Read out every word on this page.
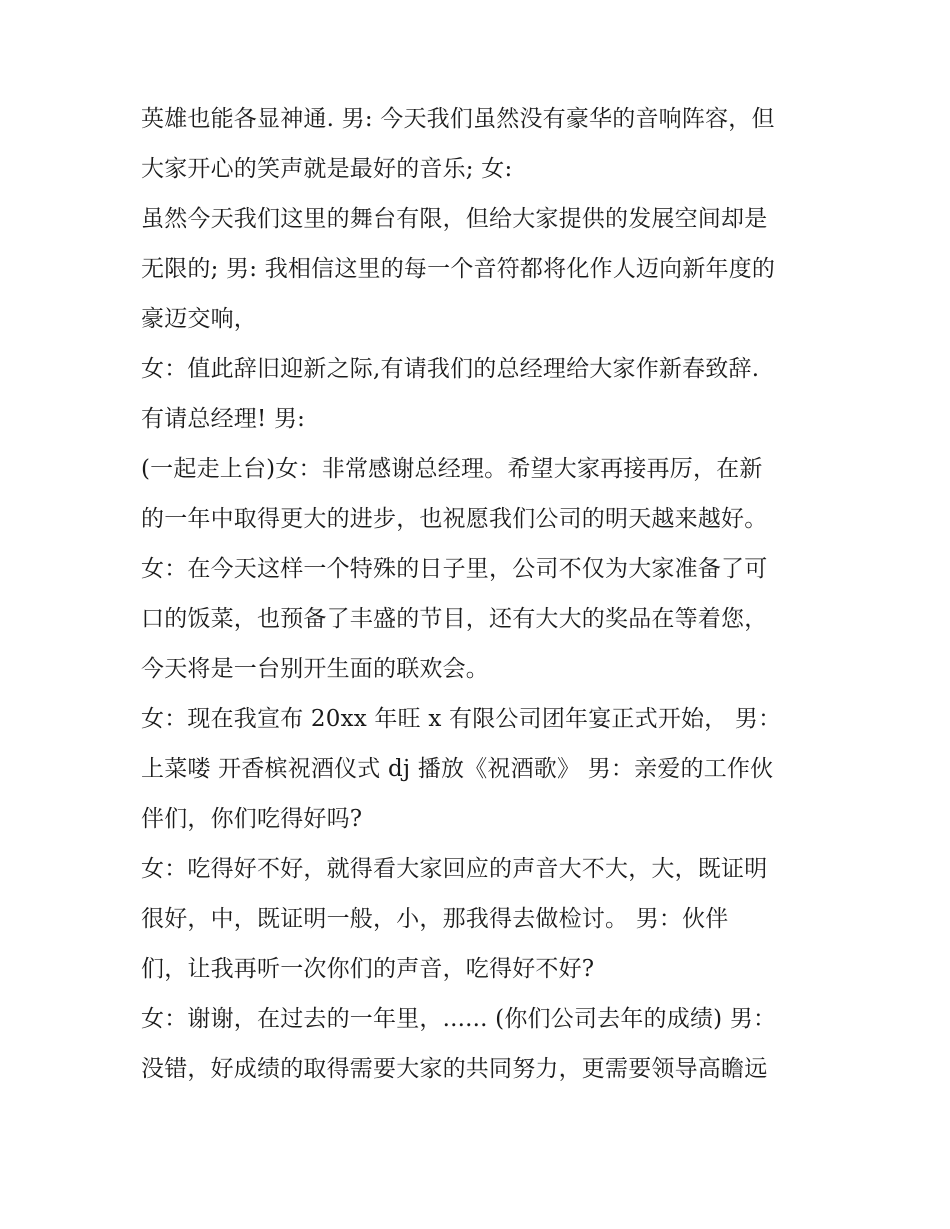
英雄也能各显神通. 男: 今天我们虽然没有豪华的音响阵容，但
大家开心的笑声就是最好的音乐; 女:
虽然今天我们这里的舞台有限，但给大家提供的发展空间却是
无限的; 男: 我相信这里的每一个音符都将化作人迈向新年度的
豪迈交响，
女：值此辞旧迎新之际,有请我们的总经理给大家作新春致辞.
有请总经理! 男:
(一起走上台)女：非常感谢总经理。希望大家再接再厉，在新
的一年中取得更大的进步，也祝愿我们公司的明天越来越好。
女：在今天这样一个特殊的日子里，公司不仅为大家准备了可
口的饭菜，也预备了丰盛的节目，还有大大的奖品在等着您，
今天将是一台别开生面的联欢会。
女：现在我宣布 20xx 年旺 x 有限公司团年宴正式开始， 男：
上菜喽 开香槟祝酒仪式 dj 播放《祝酒歌》 男：亲爱的工作伙
伴们，你们吃得好吗?
女：吃得好不好，就得看大家回应的声音大不大，大，既证明
很好，中，既证明一般，小，那我得去做检讨。 男：伙伴
们，让我再听一次你们的声音，吃得好不好?
女：谢谢，在过去的一年里，...... (你们公司去年的成绩) 男：
没错，好成绩的取得需要大家的共同努力，更需要领导高瞻远
